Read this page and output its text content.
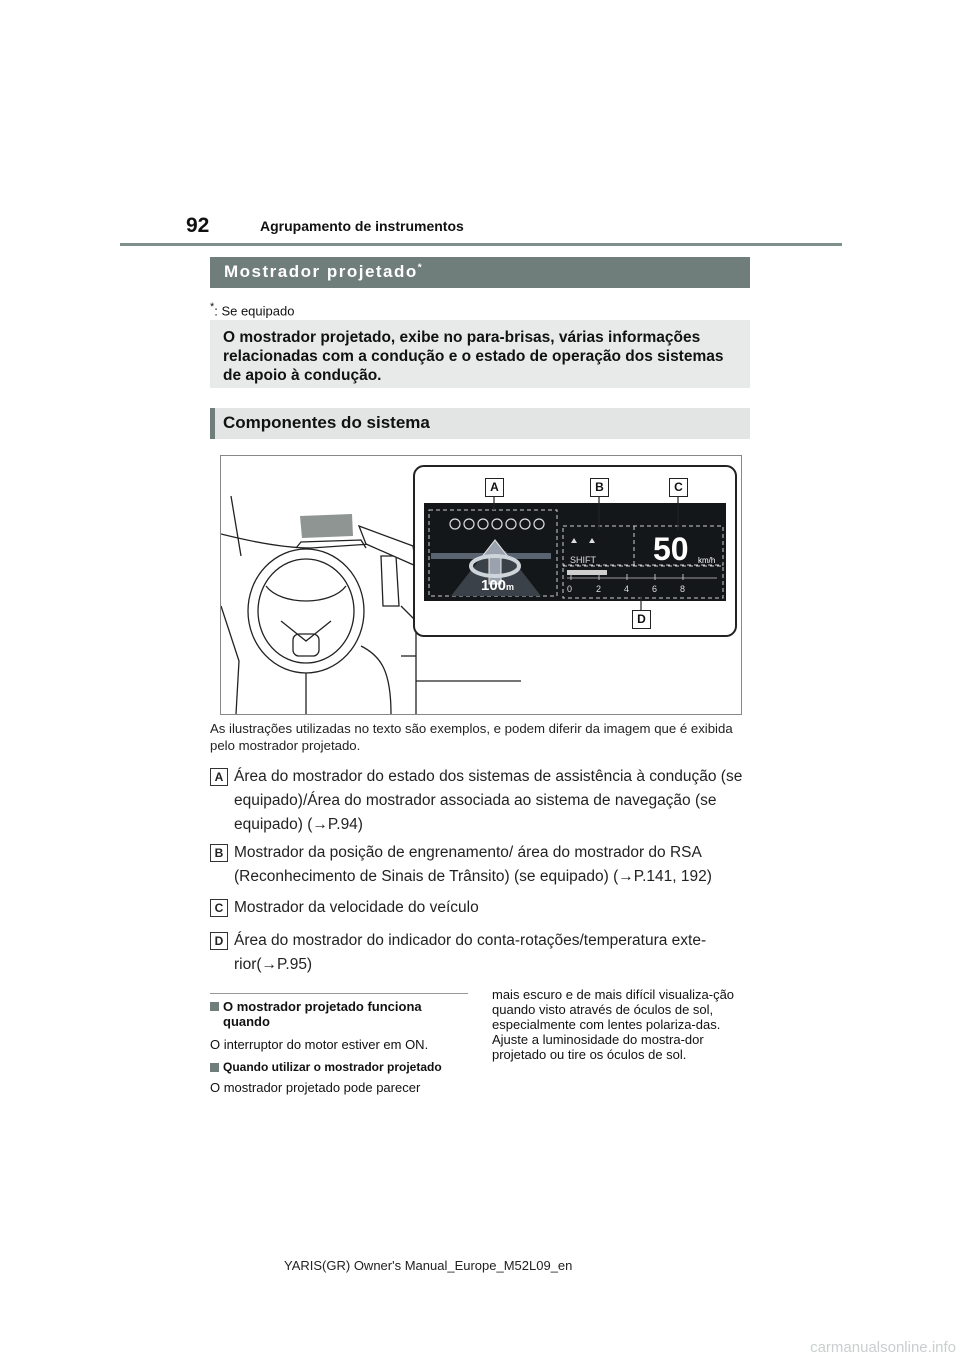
92	Agrupamento de instrumentos
Mostrador projetado*
*: Se equipado
O mostrador projetado, exibe no para-brisas, várias informações relacionadas com a condução e o estado de operação dos sistemas de apoio à condução.
Componentes do sistema
100m
SHIFT 50 km/h
0	2	4	6	8
A	B	C
D
As ilustrações utilizadas no texto são exemplos, e podem diferir da imagem que é exibida pelo mostrador projetado.
A Área do mostrador do estado dos sistemas de assistência à condução (se equipado)/Área do mostrador associada ao sistema de navegação (se equipado) (→P.94)
B Mostrador da posição de engrenamento/ área do mostrador do RSA (Reconhecimento de Sinais de Trânsito) (se equipado) (→P.141, 192)
C Mostrador da velocidade do veículo
D Área do mostrador do indicador do conta-rotações/temperatura exte-rior(→P.95)
O mostrador projetado funciona quando
O interruptor do motor estiver em ON.
Quando utilizar o mostrador projetado
O mostrador projetado pode parecer
mais escuro e de mais difícil visualiza-ção quando visto através de óculos de sol, especialmente com lentes polariza-das. Ajuste a luminosidade do mostra-dor projetado ou tire os óculos de sol.
YARIS(GR) Owner's Manual_Europe_M52L09_en
carmanualsonline.info
